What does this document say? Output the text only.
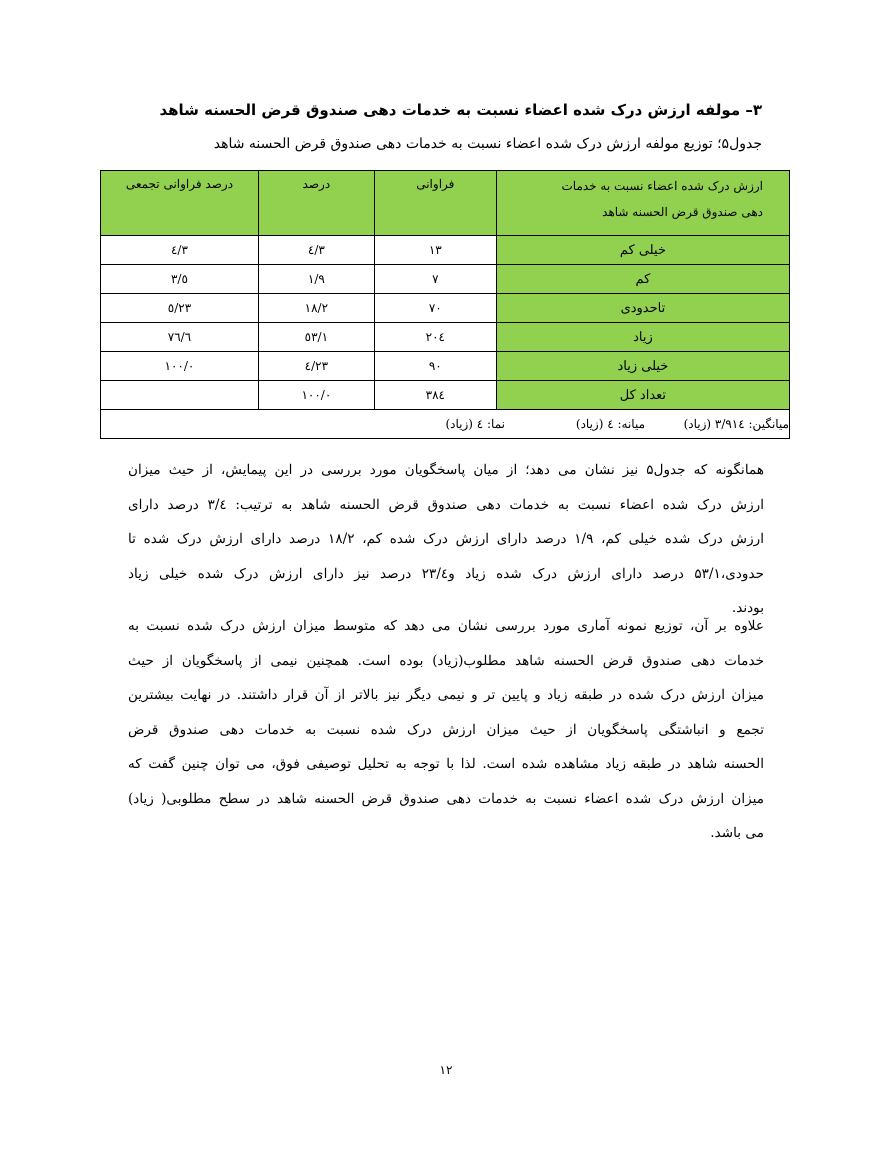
۳– مولفه ارزش درک شده اعضاء نسبت به خدمات دهی صندوق قرض الحسنه شاهد
جدول۵؛ توزیع مولفه ارزش درک شده اعضاء نسبت به خدمات دهی صندوق قرض الحسنه شاهد
ارزش درک شده اعضاء نسبت به خدمات
دهی صندوق قرض الحسنه شاهد	فراوانی	درصد	درصد فراوانی تجمعی
خیلی کم	۱۳	۳/٤	۳/٤
کم	۷	۱/۹	٥/۳
تاحدودی	۷۰	۱۸/۲	۲۳/٥
زیاد	۲۰٤	٥۳/۱	۷٦/٦
خیلی زیاد	۹۰	۲۳/٤	۱۰۰/۰
تعداد کل	۳۸٤	۱۰۰/۰	
میانگین: ۳/۹۱٤ (زیاد)میانه: ٤ (زیاد)نما: ٤ (زیاد)			
همانگونه که جدول۵ نیز نشان می دهد؛ از میان پاسخگویان مورد بررسی در این پیمایش، از حیث میزان
ارزش درک شده اعضاء نسبت به خدمات دهی صندوق قرض الحسنه شاهد به ترتیب: ۳/٤ درصد دارای
ارزش درک شده خیلی کم، ۱/۹ درصد دارای ارزش درک شده کم، ۱۸/۲ درصد دارای ارزش درک شده تا
حدودی،۵۳/۱ درصد دارای ارزش درک شده زیاد و۲۳/٤ درصد نیز دارای ارزش درک شده خیلی زیاد
بودند.
علاوه بر آن، توزیع نمونه آماری مورد بررسی نشان می دهد که متوسط میزان ارزش درک شده نسبت به
خدمات دهی صندوق قرض الحسنه شاهد مطلوب(زیاد) بوده است. همچنین نیمی از پاسخگویان از حیث
میزان ارزش درک شده در طبقه زیاد و پایین تر و نیمی دیگر نیز بالاتر از آن قرار داشتند. در نهایت بیشترین
تجمع و انباشتگی پاسخگویان از حیث میزان ارزش درک شده نسبت به خدمات دهی صندوق قرض
الحسنه شاهد در طبقه زیاد مشاهده شده است. لذا با توجه به تحلیل توصیفی فوق، می توان چنین گفت که
میزان ارزش درک شده اعضاء نسبت به خدمات دهی صندوق قرض الحسنه شاهد در سطح مطلوبی( زیاد)
می باشد.
۱۲
